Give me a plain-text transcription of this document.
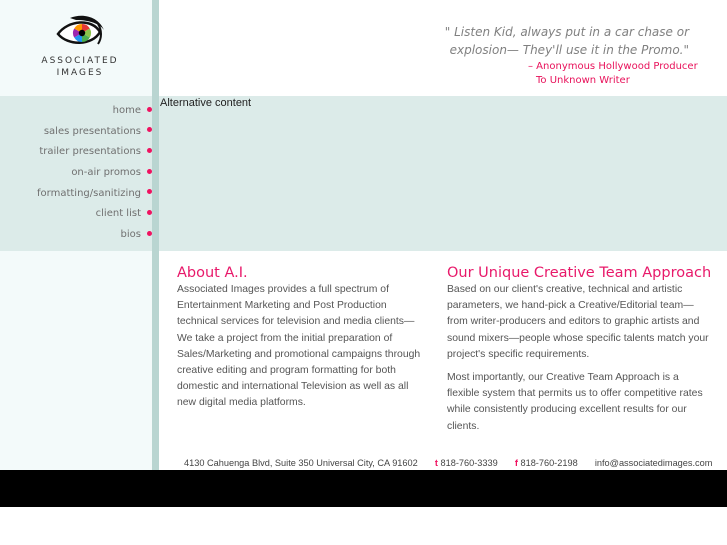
ASSOCIATED
IMAGES
" Listen Kid, always put in a car chase or
explosion— They'll use it in the Promo."
– Anonymous Hollywood Producer
To Unknown Writer
Alternative content
home
sales presentations
trailer presentations
on-air promos
formatting/sanitizing
client list
bios
About A.I.

Associated Images provides a full spectrum of Entertainment Marketing and Post Production technical services for television and media clients—We take a project from the initial preparation of Sales/Marketing and promotional campaigns through creative editing and program formatting for both domestic and international Television as well as all new digital media platforms.

Our Unique Creative Team Approach

Based on our client's creative, technical and artistic parameters, we hand-pick a Creative/Editorial team—from writer-producers and editors to graphic artists and sound mixers—people whose specific talents match your project's specific requirements.

Most importantly, our Creative Team Approach is a flexible system that permits us to offer competitive rates while consistently producing excellent results for our clients.

4130 Cahuenga Blvd, Suite 350 Universal City, CA 91602 t 818-760-3339 f 818-760-2198 info@associatedimages.com
